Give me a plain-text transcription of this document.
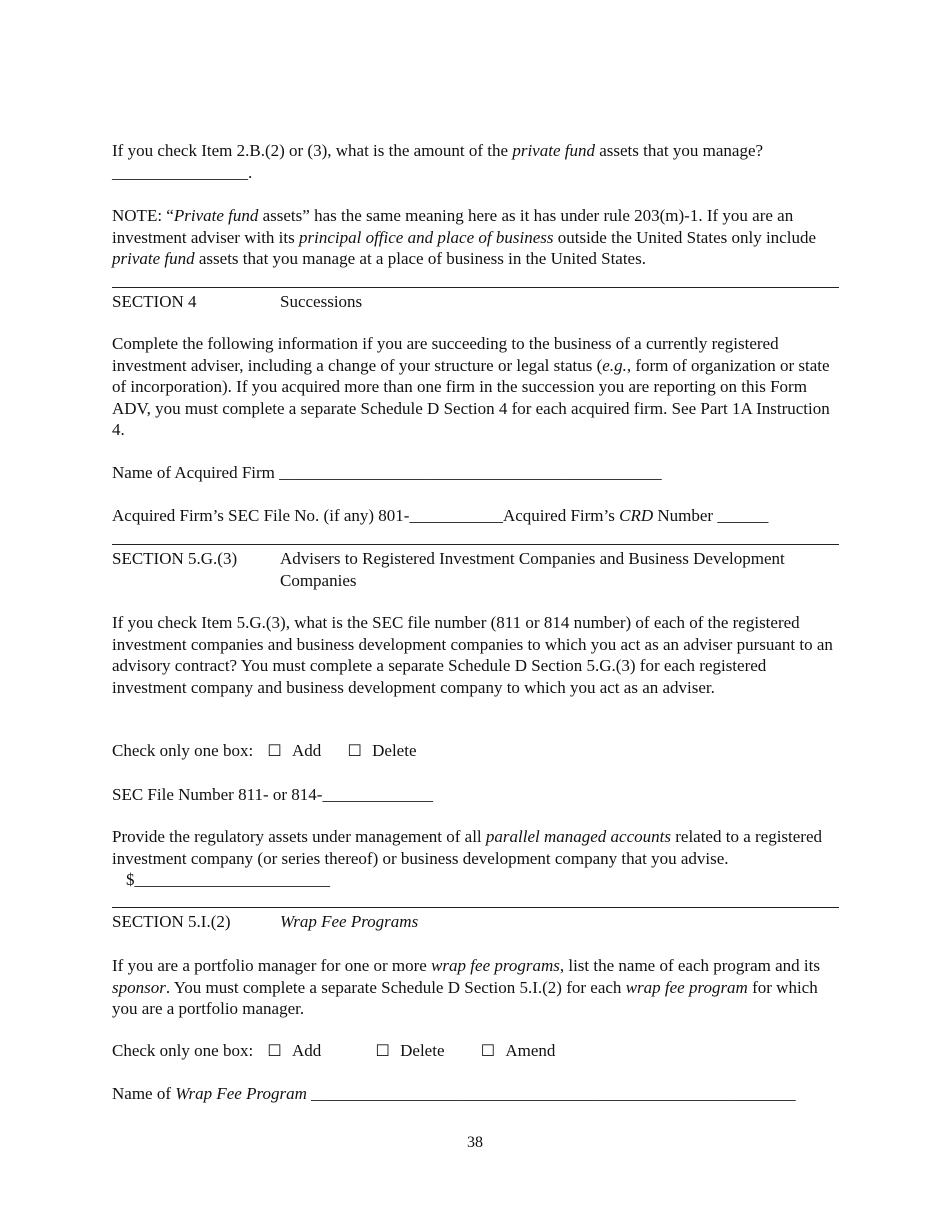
If you check Item 2.B.(2) or (3), what is the amount of the private fund assets that you manage?
________________.

NOTE: “Private fund assets” has the same meaning here as it has under rule 203(m)-1. If you are an investment adviser with its principal office and place of business outside the United States only include private fund assets that you manage at a place of business in the United States.

SECTION 4	Successions

Complete the following information if you are succeeding to the business of a currently registered investment adviser, including a change of your structure or legal status (e.g., form of organization or state of incorporation). If you acquired more than one firm in the succession you are reporting on this Form ADV, you must complete a separate Schedule D Section 4 for each acquired firm. See Part 1A Instruction 4.

Name of Acquired Firm _____________________________________________
Acquired Firm’s SEC File No. (if any) 801-___________Acquired Firm’s CRD Number ______
SECTION 5.G.(3)	Advisers to Registered Investment Companies and Business Development Companies

If you check Item 5.G.(3), what is the SEC file number (811 or 814 number) of each of the registered investment companies and business development companies to which you act as an adviser pursuant to an advisory contract? You must complete a separate Schedule D Section 5.G.(3) for each registered investment company and business development company to which you act as an adviser.

Check only one box: ☐ Add ☐ Delete
SEC File Number 811- or 814-_____________

Provide the regulatory assets under management of all parallel managed accounts related to a registered investment company (or series thereof) or business development company that you advise. $_______________________

SECTION 5.I.(2)	Wrap Fee Programs

If you are a portfolio manager for one or more wrap fee programs, list the name of each program and its sponsor. You must complete a separate Schedule D Section 5.I.(2) for each wrap fee program for which you are a portfolio manager.

Check only one box: ☐ Add	☐ Delete ☐ Amend
Name of Wrap Fee Program _________________________________________________________
38
